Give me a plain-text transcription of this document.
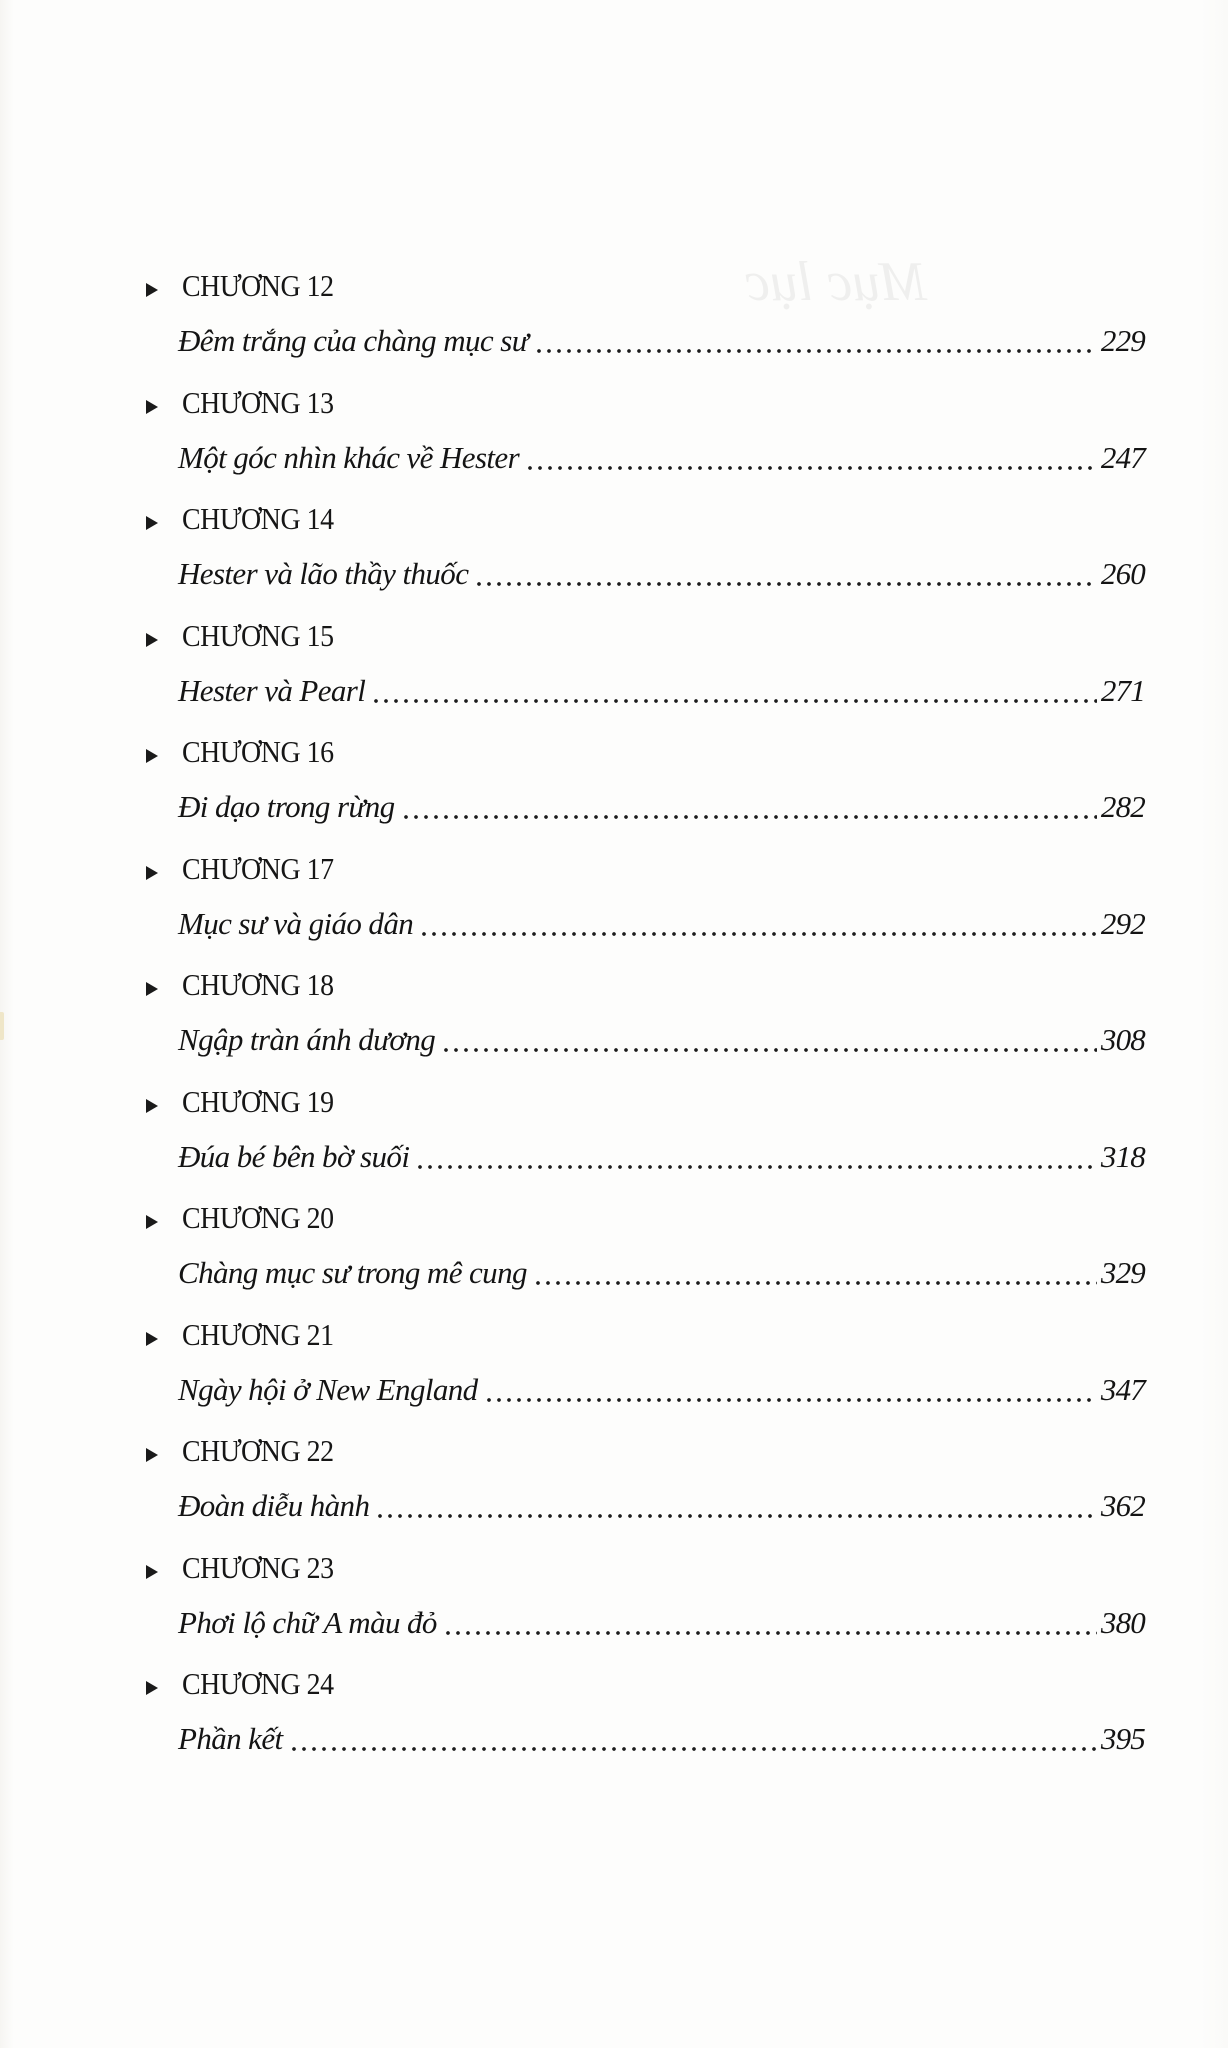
Mục lục
CHƯƠNG 12
Đêm trắng của chàng mục sư	229
CHƯƠNG 13
Một góc nhìn khác về Hester	247
CHƯƠNG 14
Hester và lão thầy thuốc	260
CHƯƠNG 15
Hester và Pearl	271
CHƯƠNG 16
Đi dạo trong rừng	282
CHƯƠNG 17
Mục sư và giáo dân	292
CHƯƠNG 18
Ngập tràn ánh dương	308
CHƯƠNG 19
Đúa bé bên bờ suối	318
CHƯƠNG 20
Chàng mục sư trong mê cung	329
CHƯƠNG 21
Ngày hội ở New England	347
CHƯƠNG 22
Đoàn diễu hành	362
CHƯƠNG 23
Phơi lộ chữ A màu đỏ	380
CHƯƠNG 24
Phần kết	395
